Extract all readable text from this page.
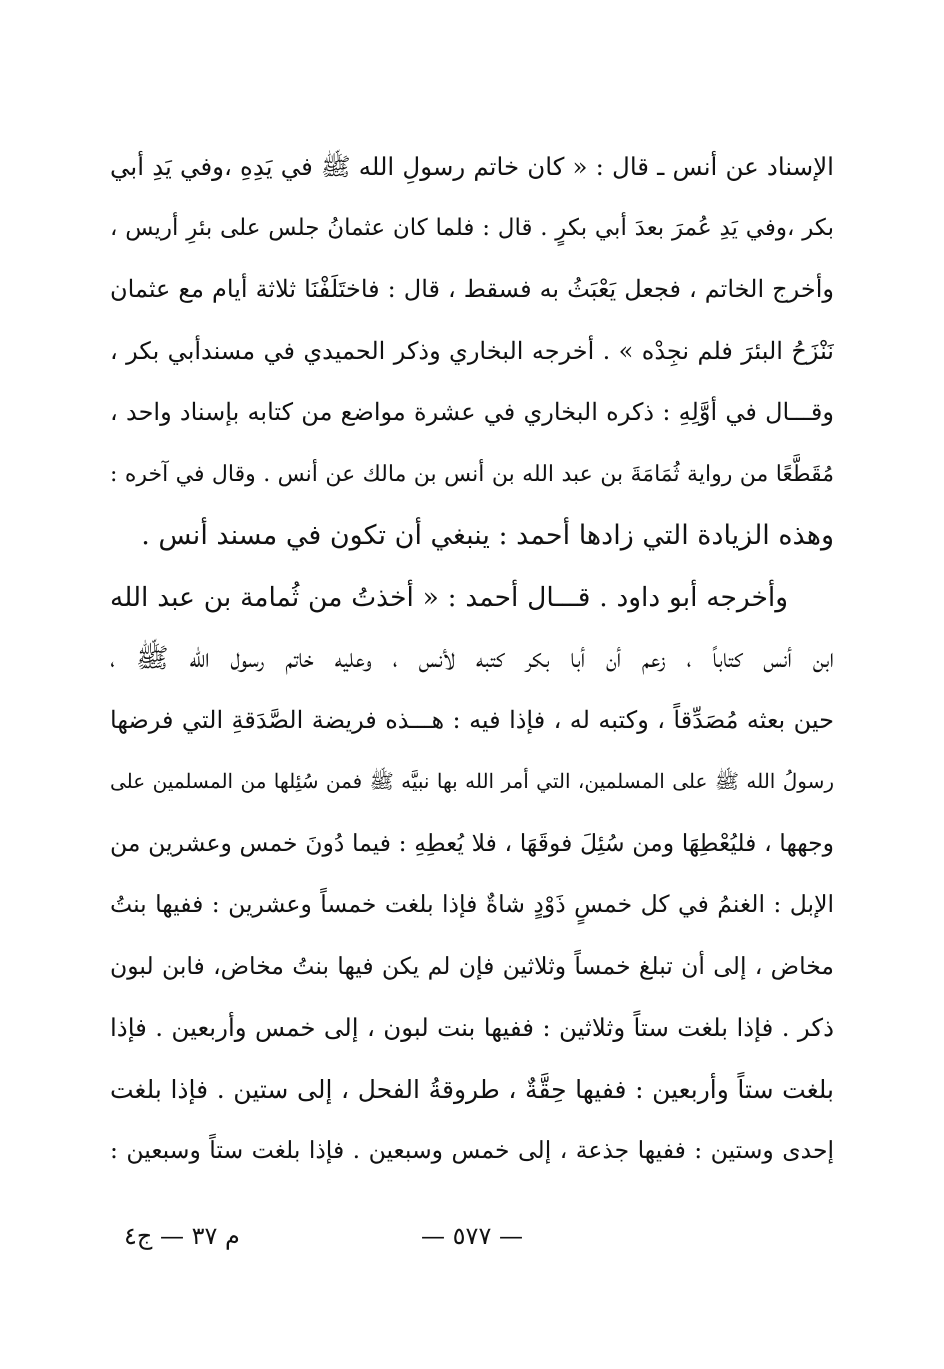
الإسناد عن أنس ـ قال : « كان خاتم رسولِ الله ﷺ في يَدِهِ ،وفي يَدِ أبي
بكر ،وفي يَدِ عُمرَ بعدَ أبي بكرٍ . قال : فلما كان عثمانُ جلس على بئرِ أريس ،
وأخرج الخاتم ، فجعل يَعْبَثُ به فسقط ، قال : فاختَلَفْنَا ثلاثة أيام مع عثمان
نَنْزَحُ البئرَ فلم نجِدْه » . أخرجه البخاري وذكر الحميدي في مسندأبي بكر ،
وقـــال في أوَّلِهِ : ذكره البخاري في عشرة مواضع من كتابه بإسناد واحد ،
مُقَطَّعًا من رواية ثُمَامَةَ بن عبد الله بن أنس بن مالك عن أنس . وقال في آخره :
وهذه الزيادة التي زادها أحمد : ينبغي أن تكون في مسند أنس .
وأخرجه أبو داود . قـــال أحمد : « أخذتُ من ثُمامة بن عبد الله
ابن أنس كتاباً ، زعم أن أبا بكر كتبه لأنس ، وعليه خاتم رسول الله ﷺ ،
حين بعثه مُصَدِّقاً ، وكتبه له ، فإذا فيه : هـــذه فريضة الصَّدَقةِ التي فرضها
رسولُ الله ﷺ على المسلمين، التي أمر الله بها نبيَّه ﷺ فمن سُئِلها من المسلمين على
وجهها ، فليُعْطِهَا ومن سُئِلَ فوقَهَا ، فلا يُعطِهِ : فيما دُونَ خمس وعشرين من
الإبل : الغنمُ في كل خمسٍ ذَوْدٍ شاةٌ فإذا بلغت خمساً وعشرين : ففيها بنتُ
مخاض ، إلى أن تبلغ خمساً وثلاثين فإن لم يكن فيها بنتُ مخاض، فابن لبون
ذكر . فإذا بلغت ستاً وثلاثين : ففيها بنت لبون ، إلى خمس وأربعين . فإذا
بلغت ستاً وأربعين : ففيها حِقَّةٌ ، طروقةُ الفحل ، إلى ستين . فإذا بلغت
إحدى وستين : ففيها جذعة ، إلى خمس وسبعين . فإذا بلغت ستاً وسبعين :
— ٥٧٧ —
م ٣٧ — ج٤
